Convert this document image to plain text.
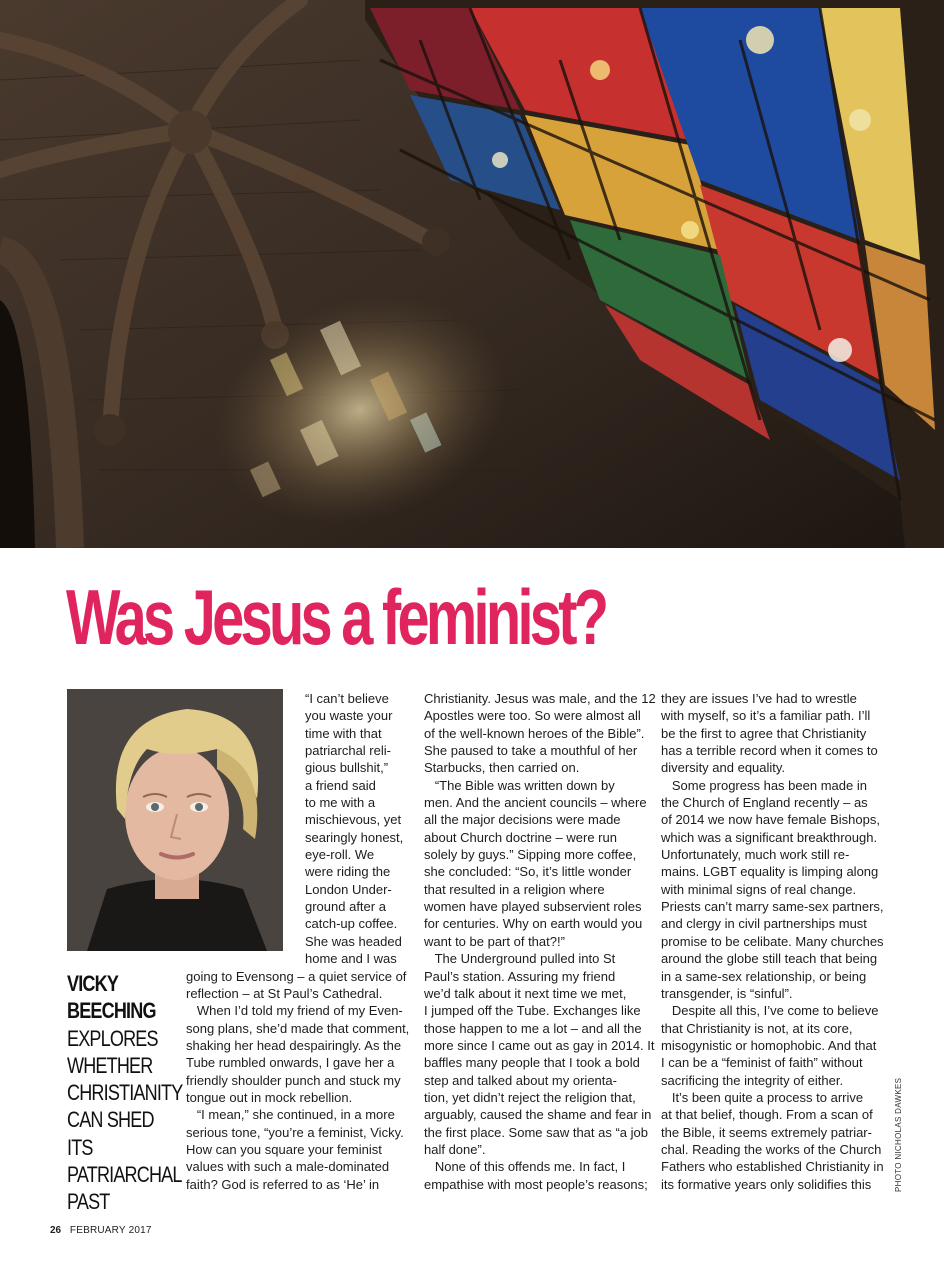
Was Jesus a feminist?
VICKY BEECHING
EXPLORES WHETHER CHRISTIANITY CAN SHED ITS PATRIARCHAL PAST

“I can’t believe

you waste your

time with that

patriarchal reli-

gious bullshit,”

a friend said

to me with a

mischievous, yet

searingly honest,

eye-roll. We

were riding the

London Under-

ground after a

catch-up coffee.

She was headed

home and I was

going to Evensong – a quiet service of

reflection – at St Paul’s Cathedral.

When I’d told my friend of my Even-

song plans, she’d made that comment,

shaking her head despairingly. As the

Tube rumbled onwards, I gave her a

friendly shoulder punch and stuck my

tongue out in mock rebellion.

“I mean,” she continued, in a more

serious tone, “you’re a feminist, Vicky.

How can you square your feminist

values with such a male-dominated

faith? God is referred to as ‘He’ in

Christianity. Jesus was male, and the 12

Apostles were too. So were almost all

of the well-known heroes of the Bible”.

She paused to take a mouthful of her

Starbucks, then carried on.

“The Bible was written down by

men. And the ancient councils – where

all the major decisions were made

about Church doctrine – were run

solely by guys.” Sipping more coffee,

she concluded: “So, it’s little wonder

that resulted in a religion where

women have played subservient roles

for centuries. Why on earth would you

want to be part of that?!”

The Underground pulled into St

Paul’s station. Assuring my friend

we’d talk about it next time we met,

I jumped off the Tube. Exchanges like

those happen to me a lot – and all the

more since I came out as gay in 2014. It

baffles many people that I took a bold

step and talked about my orienta-

tion, yet didn’t reject the religion that,

arguably, caused the shame and fear in

the first place. Some saw that as “a job

half done”.

None of this offends me. In fact, I

empathise with most people’s reasons;

they are issues I’ve had to wrestle

with myself, so it’s a familiar path. I’ll

be the first to agree that Christianity

has a terrible record when it comes to

diversity and equality.

Some progress has been made in

the Church of England recently – as

of 2014 we now have female Bishops,

which was a significant breakthrough.

Unfortunately, much work still re-

mains. LGBT equality is limping along

with minimal signs of real change.

Priests can’t marry same-sex partners,

and clergy in civil partnerships must

promise to be celibate. Many churches

around the globe still teach that being

in a same-sex relationship, or being

transgender, is “sinful”.

Despite all this, I’ve come to believe

that Christianity is not, at its core,

misogynistic or homophobic. And that

I can be a “feminist of faith” without

sacrificing the integrity of either.

It’s been quite a process to arrive

at that belief, though. From a scan of

the Bible, it seems extremely patriar-

chal. Reading the works of the Church

Fathers who established Christianity in

its formative years only solidifies this	PHOTO NICHOLAS DAWKES
26 FEBRUARY 2017
